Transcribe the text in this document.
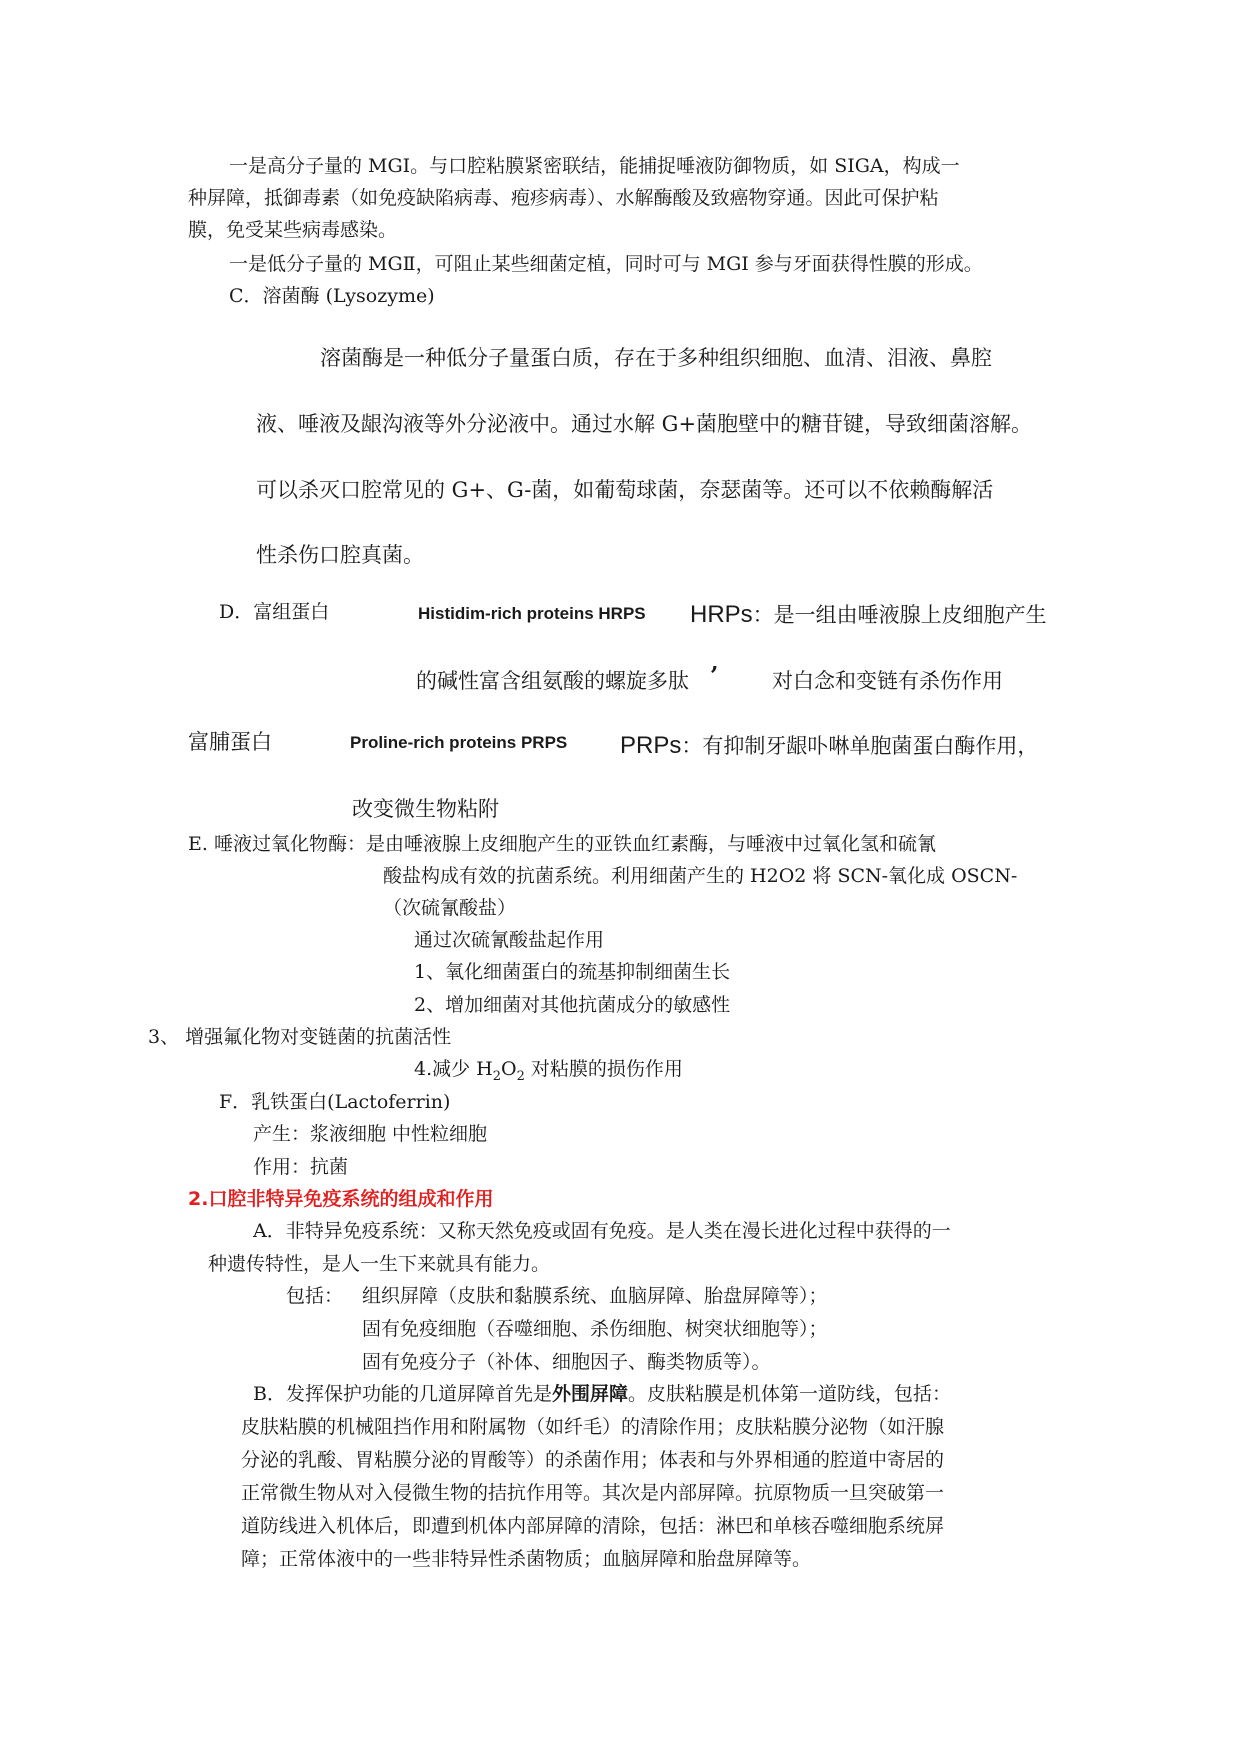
一是高分子量的 MGⅠ。与口腔粘膜紧密联结，能捕捉唾液防御物质，如 SIGA，构成一
种屏障，抵御毒素（如免疫缺陷病毒、疱疹病毒）、水解酶酸及致癌物穿通。因此可保护粘
膜，免受某些病毒感染。
一是低分子量的 MGⅡ，可阻止某些细菌定植，同时可与 MGI 参与牙面获得性膜的形成。
C．溶菌酶 (Lysozyme)
溶菌酶是一种低分子量蛋白质，存在于多种组织细胞、血清、泪液、鼻腔
液、唾液及龈沟液等外分泌液中。通过水解 G+菌胞壁中的糖苷键，导致细菌溶解。
可以杀灭口腔常见的 G+、G-菌，如葡萄球菌，奈瑟菌等。还可以不依赖酶解活
性杀伤口腔真菌。
D．富组蛋白	Histidim-rich proteins HRPS HRPs：是一组由唾液腺上皮细胞产生
的碱性富含组氨酸的螺旋多肽 ’	对白念和变链有杀伤作用
富脯蛋白	Proline-rich proteins PRPS PRPs：有抑制牙龈卟啉单胞菌蛋白酶作用，
改变微生物粘附
E. 唾液过氧化物酶：是由唾液腺上皮细胞产生的亚铁血红素酶，与唾液中过氧化氢和硫氰
酸盐构成有效的抗菌系统。利用细菌产生的 H2O2 将 SCN-氧化成 OSCN-
（次硫氰酸盐）
通过次硫氰酸盐起作用
1、氧化细菌蛋白的巯基抑制细菌生长
2、增加细菌对其他抗菌成分的敏感性
3、 增强氟化物对变链菌的抗菌活性
4.减少 $H_2O_2$ 对粘膜的损伤作用
F．乳铁蛋白(Lactoferrin)
产生：浆液细胞 中性粒细胞
作用：抗菌
2.口腔非特异免疫系统的组成和作用
A．非特异免疫系统：又称天然免疫或固有免疫。是人类在漫长进化过程中获得的一
种遗传特性，是人一生下来就具有能力。
包括： 组织屏障（皮肤和黏膜系统、血脑屏障、胎盘屏障等）；
固有免疫细胞（吞噬细胞、杀伤细胞、树突状细胞等）；
固有免疫分子（补体、细胞因子、酶类物质等）。
B．发挥保护功能的几道屏障首先是外围屏障。皮肤粘膜是机体第一道防线，包括：
皮肤粘膜的机械阻挡作用和附属物（如纤毛）的清除作用；皮肤粘膜分泌物（如汗腺
分泌的乳酸、胃粘膜分泌的胃酸等）的杀菌作用；体表和与外界相通的腔道中寄居的
正常微生物从对入侵微生物的拮抗作用等。其次是内部屏障。抗原物质一旦突破第一
道防线进入机体后，即遭到机体内部屏障的清除，包括：淋巴和单核吞噬细胞系统屏
障；正常体液中的一些非特异性杀菌物质；血脑屏障和胎盘屏障等。
